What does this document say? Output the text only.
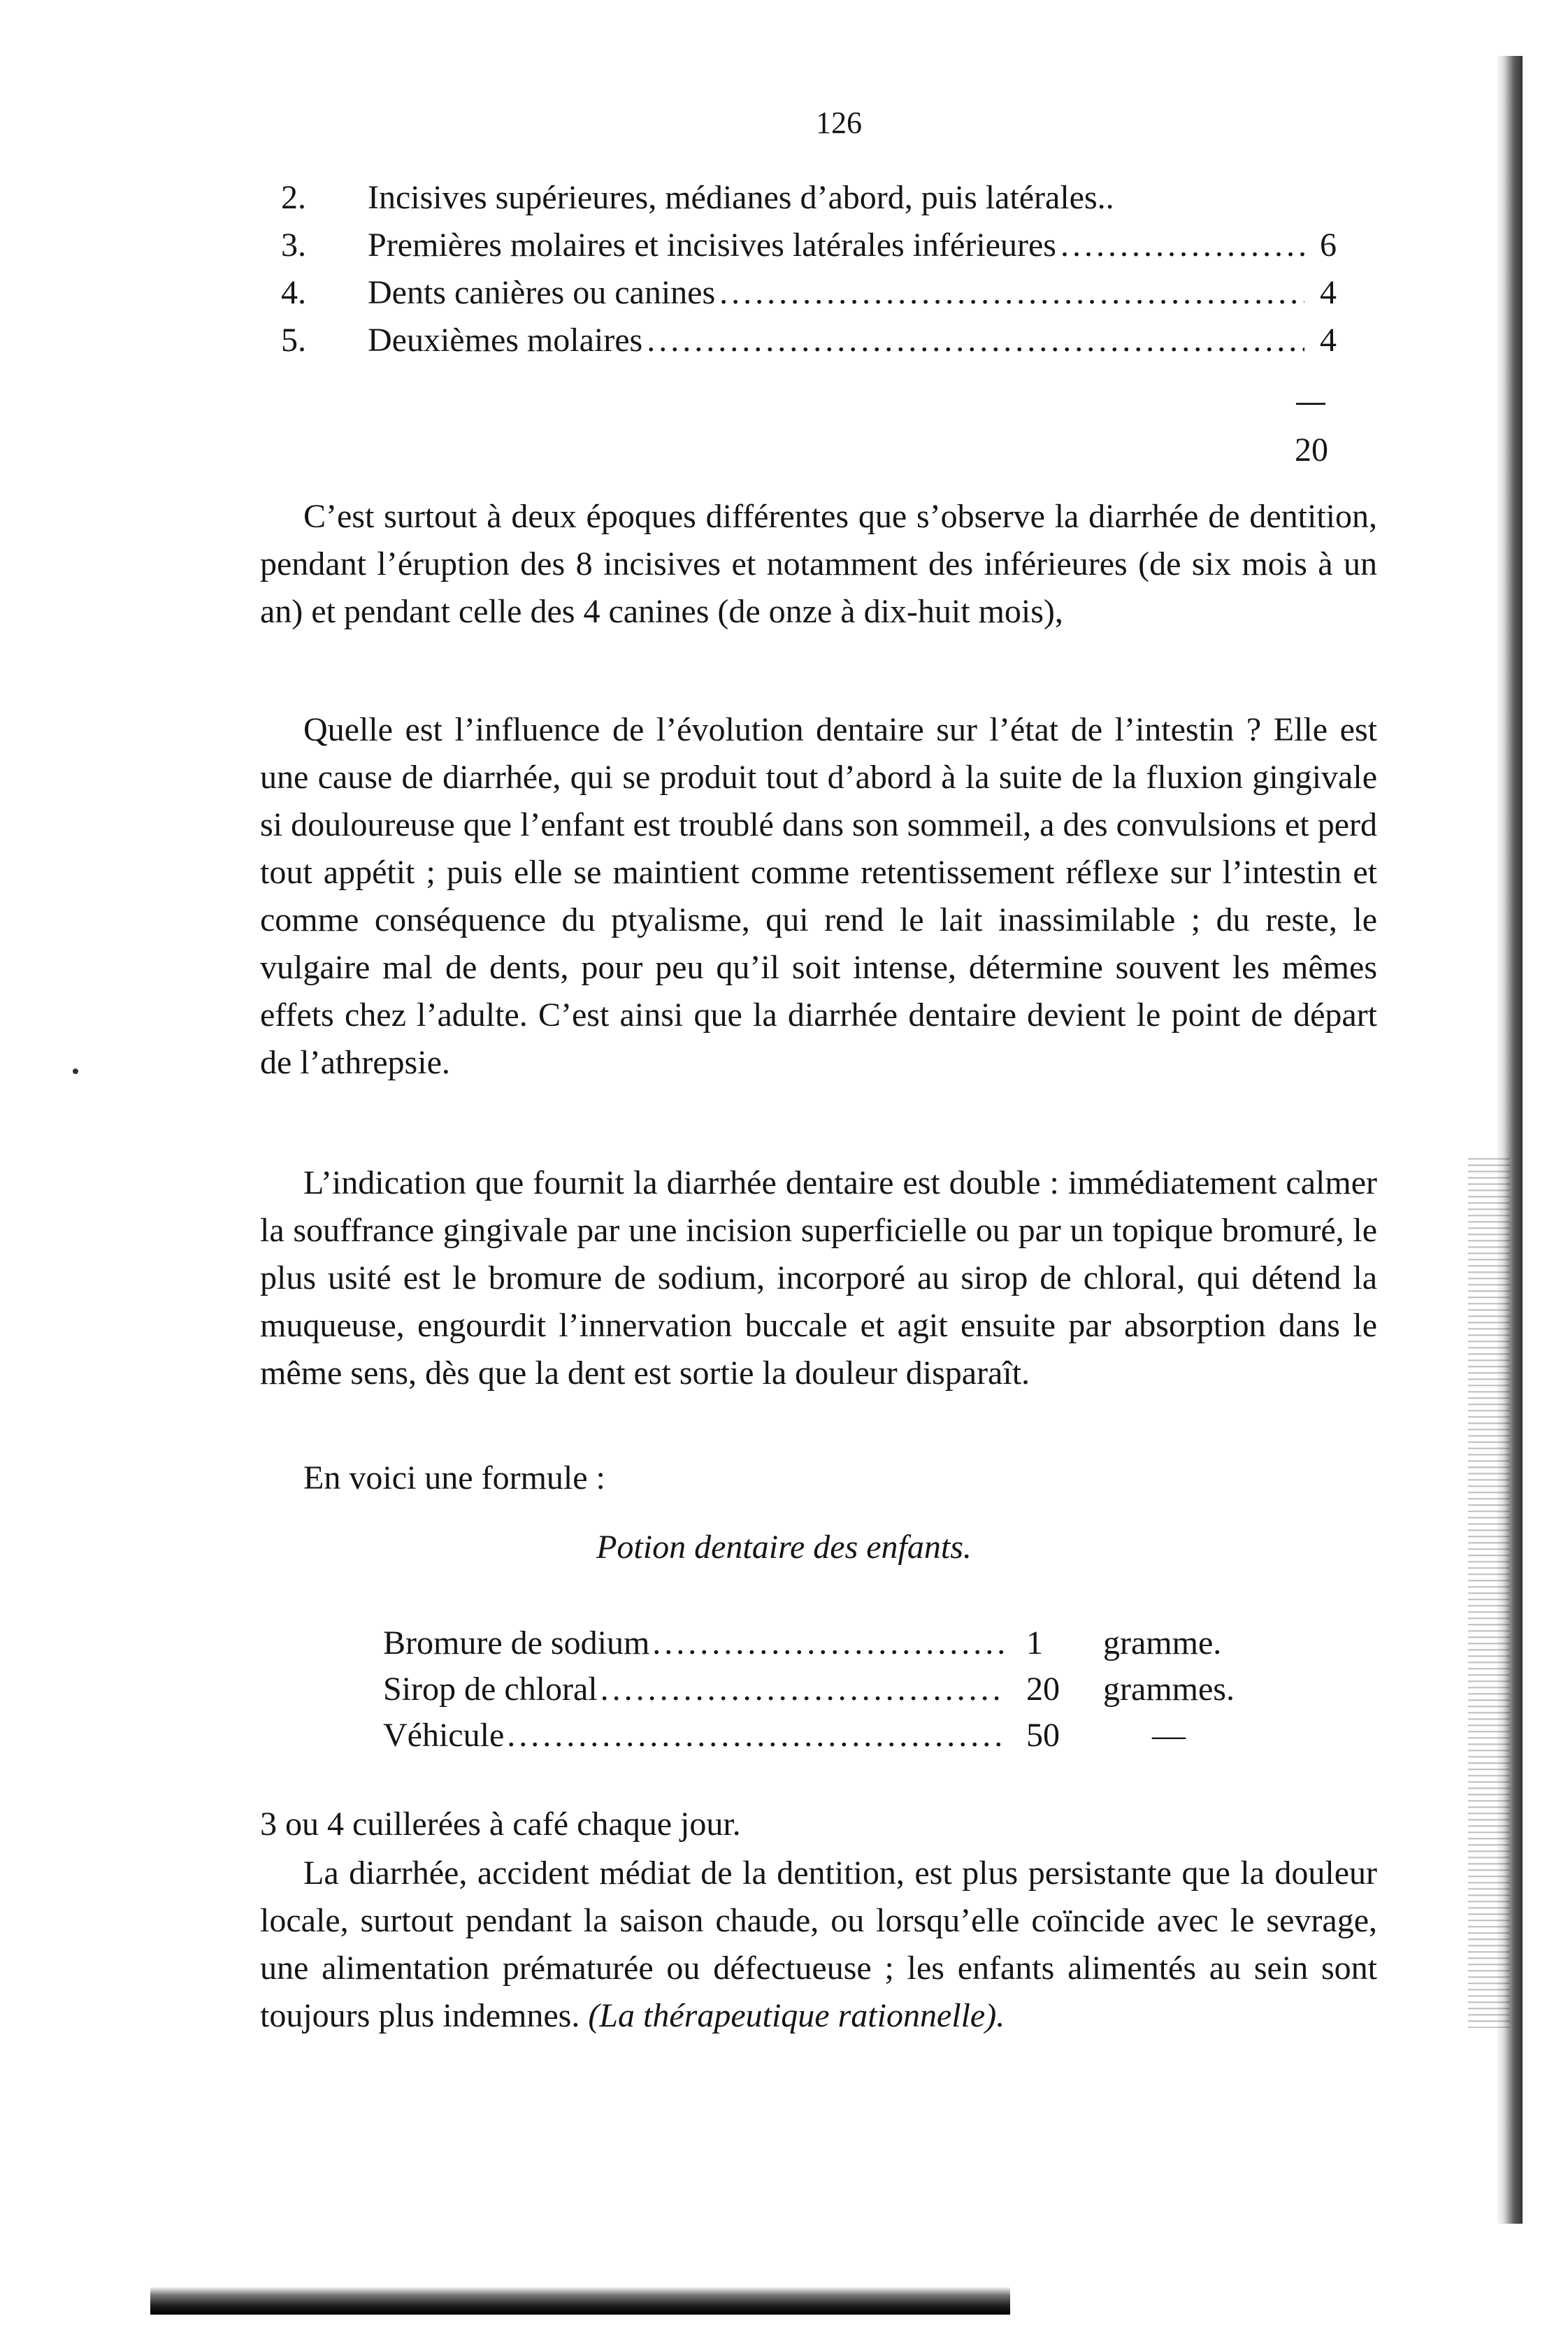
126
2.	Incisives supérieures, médianes d’abord, puis latérales..
3.	Premières molaires et incisives latérales inférieures .....	6
4.	Dents canières ou canines .....	4
5.	Deuxièmes molaires .....	4
20

C’est surtout à deux époques différentes que s’observe la diarrhée de dentition, pendant l’éruption des 8 incisives et notamment des inférieures (de six mois à un an) et pendant celle des 4 canines (de onze à dix-huit mois),

Quelle est l’influence de l’évolution dentaire sur l’état de l’intestin ? Elle est une cause de diarrhée, qui se produit tout d’abord à la suite de la fluxion gingivale si douloureuse que l’enfant est troublé dans son sommeil, a des convulsions et perd tout appétit ; puis elle se maintient comme retentissement réflexe sur l’intestin et comme conséquence du ptyalisme, qui rend le lait inassimilable ; du reste, le vulgaire mal de dents, pour peu qu’il soit intense, détermine souvent les mêmes effets chez l’adulte. C’est ainsi que la diarrhée dentaire devient le point de départ de l’athrepsie.

L’indication que fournit la diarrhée dentaire est double : immédiatement calmer la souffrance gingivale par une incision superficielle ou par un topique bromuré, le plus usité est le bromure de sodium, incorporé au sirop de chloral, qui détend la muqueuse, engourdit l’innervation buccale et agit ensuite par absorption dans le même sens, dès que la dent est sortie la douleur disparaît.

En voici une formule :

Potion dentaire des enfants.
Bromure de sodium .....	1	gramme.
Sirop de chloral .....	20	grammes.
Véhicule .....	50	—

3 ou 4 cuillerées à café chaque jour.

La diarrhée, accident médiat de la dentition, est plus persistante que la douleur locale, surtout pendant la saison chaude, ou lorsqu’elle coïncide avec le sevrage, une alimentation prématurée ou défectueuse ; les enfants alimentés au sein sont toujours plus indemnes. (La thérapeutique rationnelle).
